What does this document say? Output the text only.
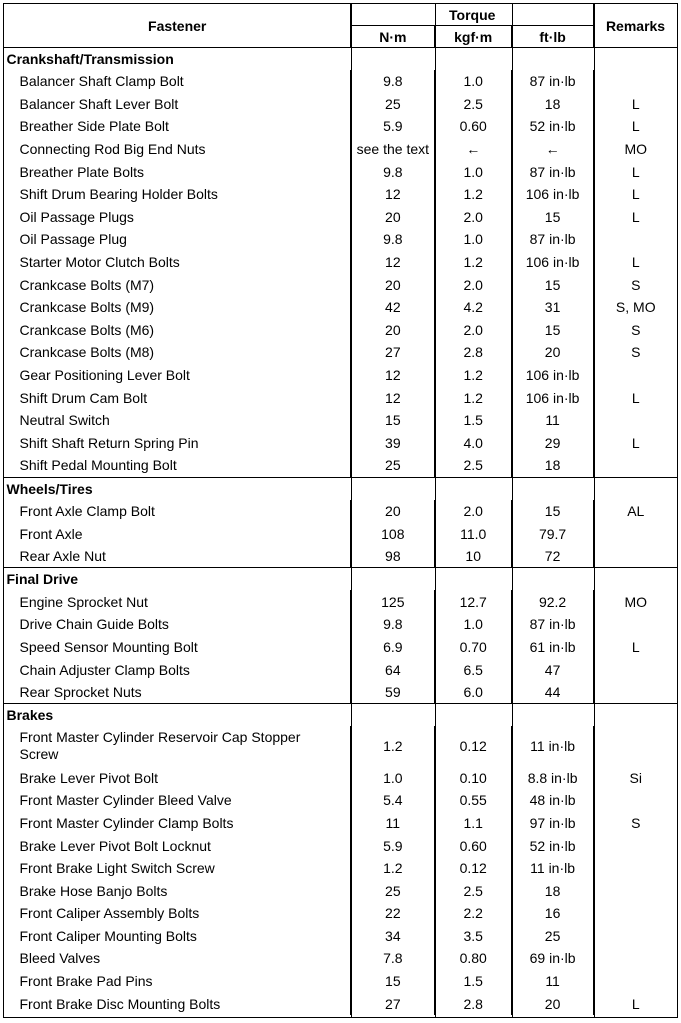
Fastener	Torque			Remarks
	N·m	kgf·m	ft·lb	
Crankshaft/Transmission				
Balancer Shaft Clamp Bolt	9.8	1.0	87 in·lb	
Balancer Shaft Lever Bolt	25	2.5	18	L
Breather Side Plate Bolt	5.9	0.60	52 in·lb	L
Connecting Rod Big End Nuts	see the text	←	←	MO
Breather Plate Bolts	9.8	1.0	87 in·lb	L
Shift Drum Bearing Holder Bolts	12	1.2	106 in·lb	L
Oil Passage Plugs	20	2.0	15	L
Oil Passage Plug	9.8	1.0	87 in·lb	
Starter Motor Clutch Bolts	12	1.2	106 in·lb	L
Crankcase Bolts (M7)	20	2.0	15	S
Crankcase Bolts (M9)	42	4.2	31	S, MO
Crankcase Bolts (M6)	20	2.0	15	S
Crankcase Bolts (M8)	27	2.8	20	S
Gear Positioning Lever Bolt	12	1.2	106 in·lb	
Shift Drum Cam Bolt	12	1.2	106 in·lb	L
Neutral Switch	15	1.5	11	
Shift Shaft Return Spring Pin	39	4.0	29	L
Shift Pedal Mounting Bolt	25	2.5	18	
Wheels/Tires				
Front Axle Clamp Bolt	20	2.0	15	AL
Front Axle	108	11.0	79.7	
Rear Axle Nut	98	10	72	
Final Drive				
Engine Sprocket Nut	125	12.7	92.2	MO
Drive Chain Guide Bolts	9.8	1.0	87 in·lb	
Speed Sensor Mounting Bolt	6.9	0.70	61 in·lb	L
Chain Adjuster Clamp Bolts	64	6.5	47	
Rear Sprocket Nuts	59	6.0	44	
Brakes				
Front Master Cylinder Reservoir Cap Stopper Screw	1.2	0.12	11 in·lb	
Brake Lever Pivot Bolt	1.0	0.10	8.8 in·lb	Si
Front Master Cylinder Bleed Valve	5.4	0.55	48 in·lb	
Front Master Cylinder Clamp Bolts	11	1.1	97 in·lb	S
Brake Lever Pivot Bolt Locknut	5.9	0.60	52 in·lb	
Front Brake Light Switch Screw	1.2	0.12	11 in·lb	
Brake Hose Banjo Bolts	25	2.5	18	
Front Caliper Assembly Bolts	22	2.2	16	
Front Caliper Mounting Bolts	34	3.5	25	
Bleed Valves	7.8	0.80	69 in·lb	
Front Brake Pad Pins	15	1.5	11	
Front Brake Disc Mounting Bolts	27	2.8	20	L
